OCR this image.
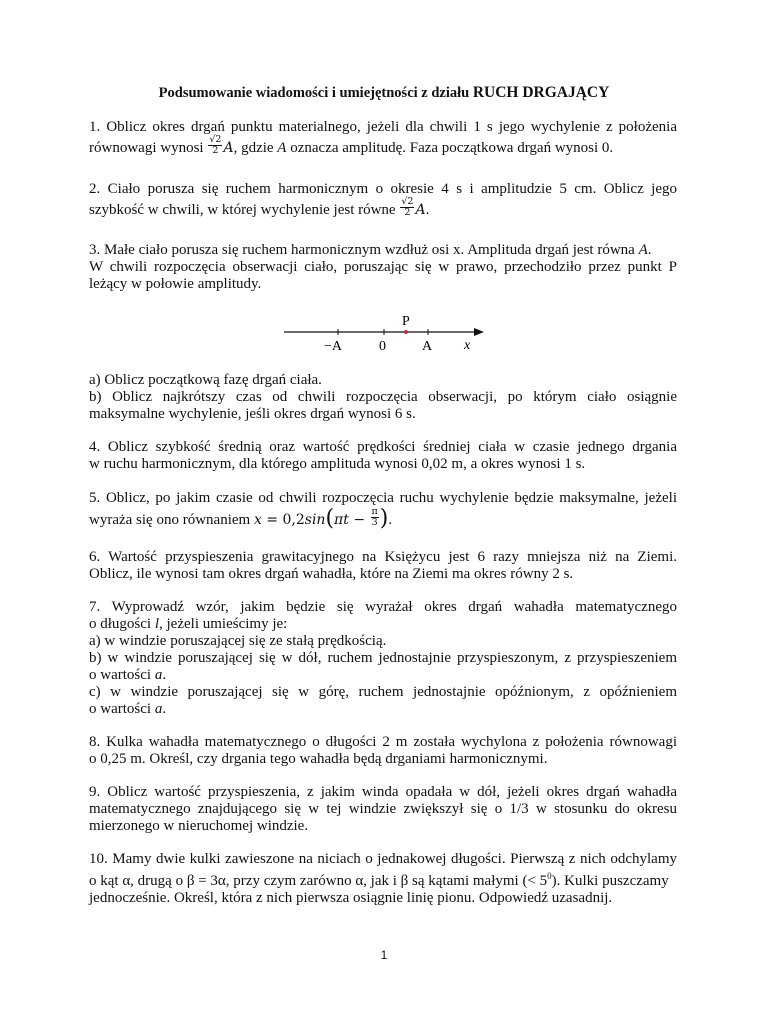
Podsumowanie wiadomości i umiejętności z działu RUCH DRGAJĄCY
1. Oblicz okres drgań punktu materialnego, jeżeli dla chwili 1 s jego wychylenie z położenia
równowagi wynosi $\frac{√2}{2} A$, gdzie A oznacza amplitudę. Faza początkowa drgań wynosi 0.
2. Ciało porusza się ruchem harmonicznym o okresie 4 s i amplitudzie 5 cm. Oblicz jego
szybkość w chwili, w której wychylenie jest równe $\frac{√2}{2} A$.
3. Małe ciało porusza się ruchem harmonicznym wzdłuż osi x. Amplituda drgań jest równa A.
W chwili rozpoczęcia obserwacji ciało, poruszając się w prawo, przechodziło przez punkt P
leżący w połowie amplitudy.
P
−A	0	A x
a) Oblicz początkową fazę drgań ciała.
b) Oblicz najkrótszy czas od chwili rozpoczęcia obserwacji, po którym ciało osiągnie
maksymalne wychylenie, jeśli okres drgań wynosi 6 s.
4. Oblicz szybkość średnią oraz wartość prędkości średniej ciała w czasie jednego drgania
w ruchu harmonicznym, dla którego amplituda wynosi 0,02 m, a okres wynosi 1 s.
5. Oblicz, po jakim czasie od chwili rozpoczęcia ruchu wychylenie będzie maksymalne, jeżeli
wyraża się ono równaniem $x = 0,2\sin(\pi t - \frac{\pi}{3}$ ).
6. Wartość przyspieszenia grawitacyjnego na Księżycu jest 6 razy mniejsza niż na Ziemi.
Oblicz, ile wynosi tam okres drgań wahadła, które na Ziemi ma okres równy 2 s.
7. Wyprowadź wzór, jakim będzie się wyrażał okres drgań wahadła matematycznego
o długości l, jeżeli umieścimy je:
a) w windzie poruszającej się ze stałą prędkością.
b) w windzie poruszającej się w dół, ruchem jednostajnie przyspieszonym, z przyspieszeniem
o wartości a.
c) w windzie poruszającej się w górę, ruchem jednostajnie opóźnionym, z opóźnieniem
o wartości a.
8. Kulka wahadła matematycznego o długości 2 m została wychylona z położenia równowagi
o 0,25 m. Określ, czy drgania tego wahadła będą drganiami harmonicznymi.
9. Oblicz wartość przyspieszenia, z jakim winda opadała w dół, jeżeli okres drgań wahadła
matematycznego znajdującego się w tej windzie zwiększył się o 1/3 w stosunku do okresu
mierzonego w nieruchomej windzie.
10. Mamy dwie kulki zawieszone na niciach o jednakowej długości. Pierwszą z nich odchylamy
o kąt α, drugą o β = 3α, przy czym zarówno α, jak i β są kątami małymi (< $5^0$). Kulki puszczamy
jednocześnie. Określ, która z nich pierwsza osiągnie linię pionu. Odpowiedź uzasadnij.
1
